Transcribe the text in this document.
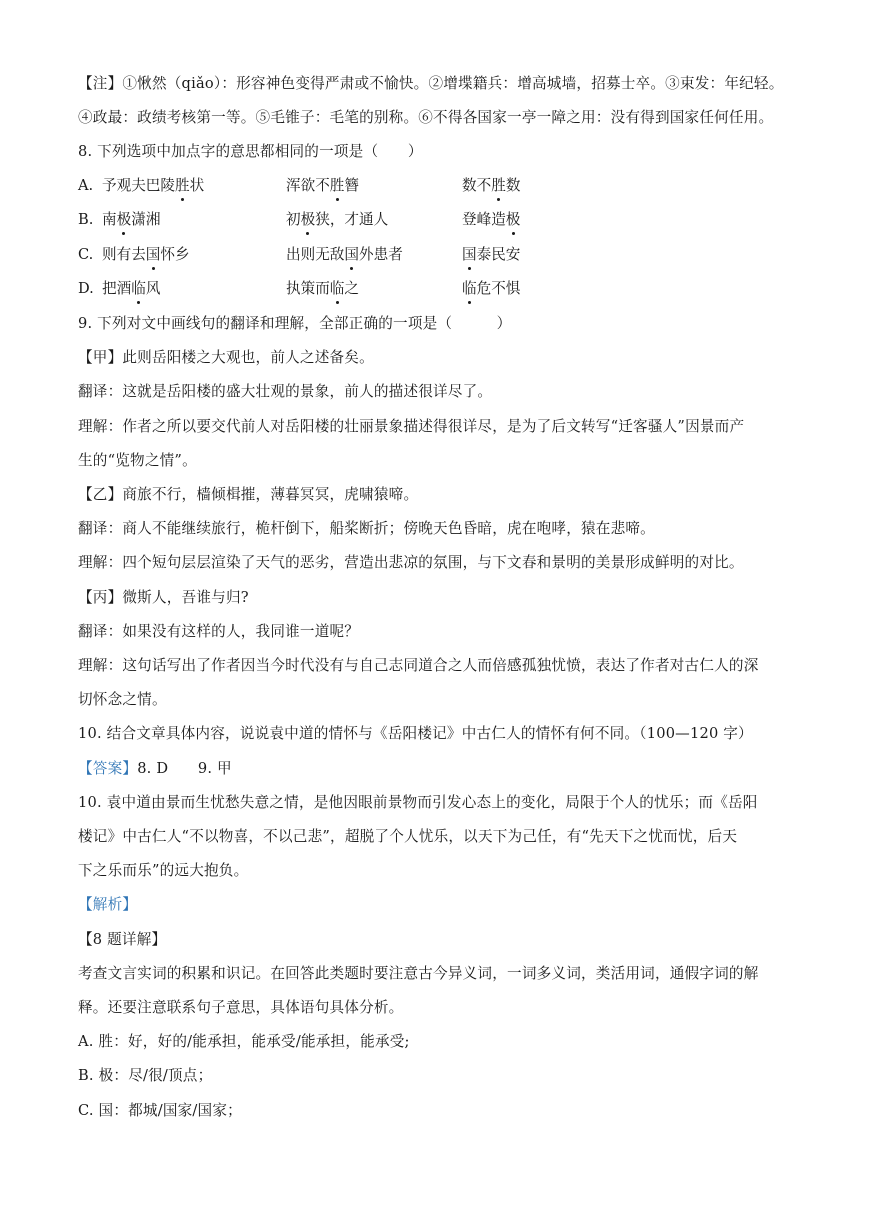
【注】①愀然（qiǎo）：形容神色变得严肃或不愉快。②增堞籍兵：增高城墙，招募士卒。③束发：年纪轻。
④政最：政绩考核第一等。⑤毛锥子：毛笔的别称。⑥不得各国家一亭一障之用：没有得到国家任何任用。
8. 下列选项中加点字的意思都相同的一项是（　　）
A. 予观夫巴陵胜状	浑欲不胜簪	数不胜数
B. 南极潇湘	初极狭，才通人	登峰造极
C. 则有去国怀乡	出则无敌国外患者	国泰民安
D. 把酒临风	执策而临之	临危不惧
9. 下列对文中画线句的翻译和理解，全部正确的一项是（　　　）
【甲】此则岳阳楼之大观也，前人之述备矣。
翻译：这就是岳阳楼的盛大壮观的景象，前人的描述很详尽了。
理解：作者之所以要交代前人对岳阳楼的壮丽景象描述得很详尽，是为了后文转写“迁客骚人”因景而产
生的“览物之情”。
【乙】商旅不行，樯倾楫摧，薄暮冥冥，虎啸猿啼。
翻译：商人不能继续旅行，桅杆倒下，船桨断折；傍晚天色昏暗，虎在咆哮，猿在悲啼。
理解：四个短句层层渲染了天气的恶劣，营造出悲凉的氛围，与下文春和景明的美景形成鲜明的对比。
【丙】微斯人，吾谁与归?
翻译：如果没有这样的人，我同谁一道呢？
理解：这句话写出了作者因当今时代没有与自己志同道合之人而倍感孤独忧愤，表达了作者对古仁人的深
切怀念之情。
10. 结合文章具体内容，说说袁中道的情怀与《岳阳楼记》中古仁人的情怀有何不同。（100—120 字）
【答案】8. D　　9. 甲
10. 袁中道由景而生忧愁失意之情，是他因眼前景物而引发心态上的变化，局限于个人的忧乐；而《岳阳
楼记》中古仁人“不以物喜，不以己悲”，超脱了个人忧乐，以天下为己任，有“先天下之忧而忧，后天
下之乐而乐”的远大抱负。
【解析】
【8 题详解】
考查文言实词的积累和识记。在回答此类题时要注意古今异义词，一词多义词，类活用词，通假字词的解
释。还要注意联系句子意思，具体语句具体分析。
A. 胜：好，好的/能承担，能承受/能承担，能承受;
B. 极：尽/很/顶点；
C. 国：都城/国家/国家；
